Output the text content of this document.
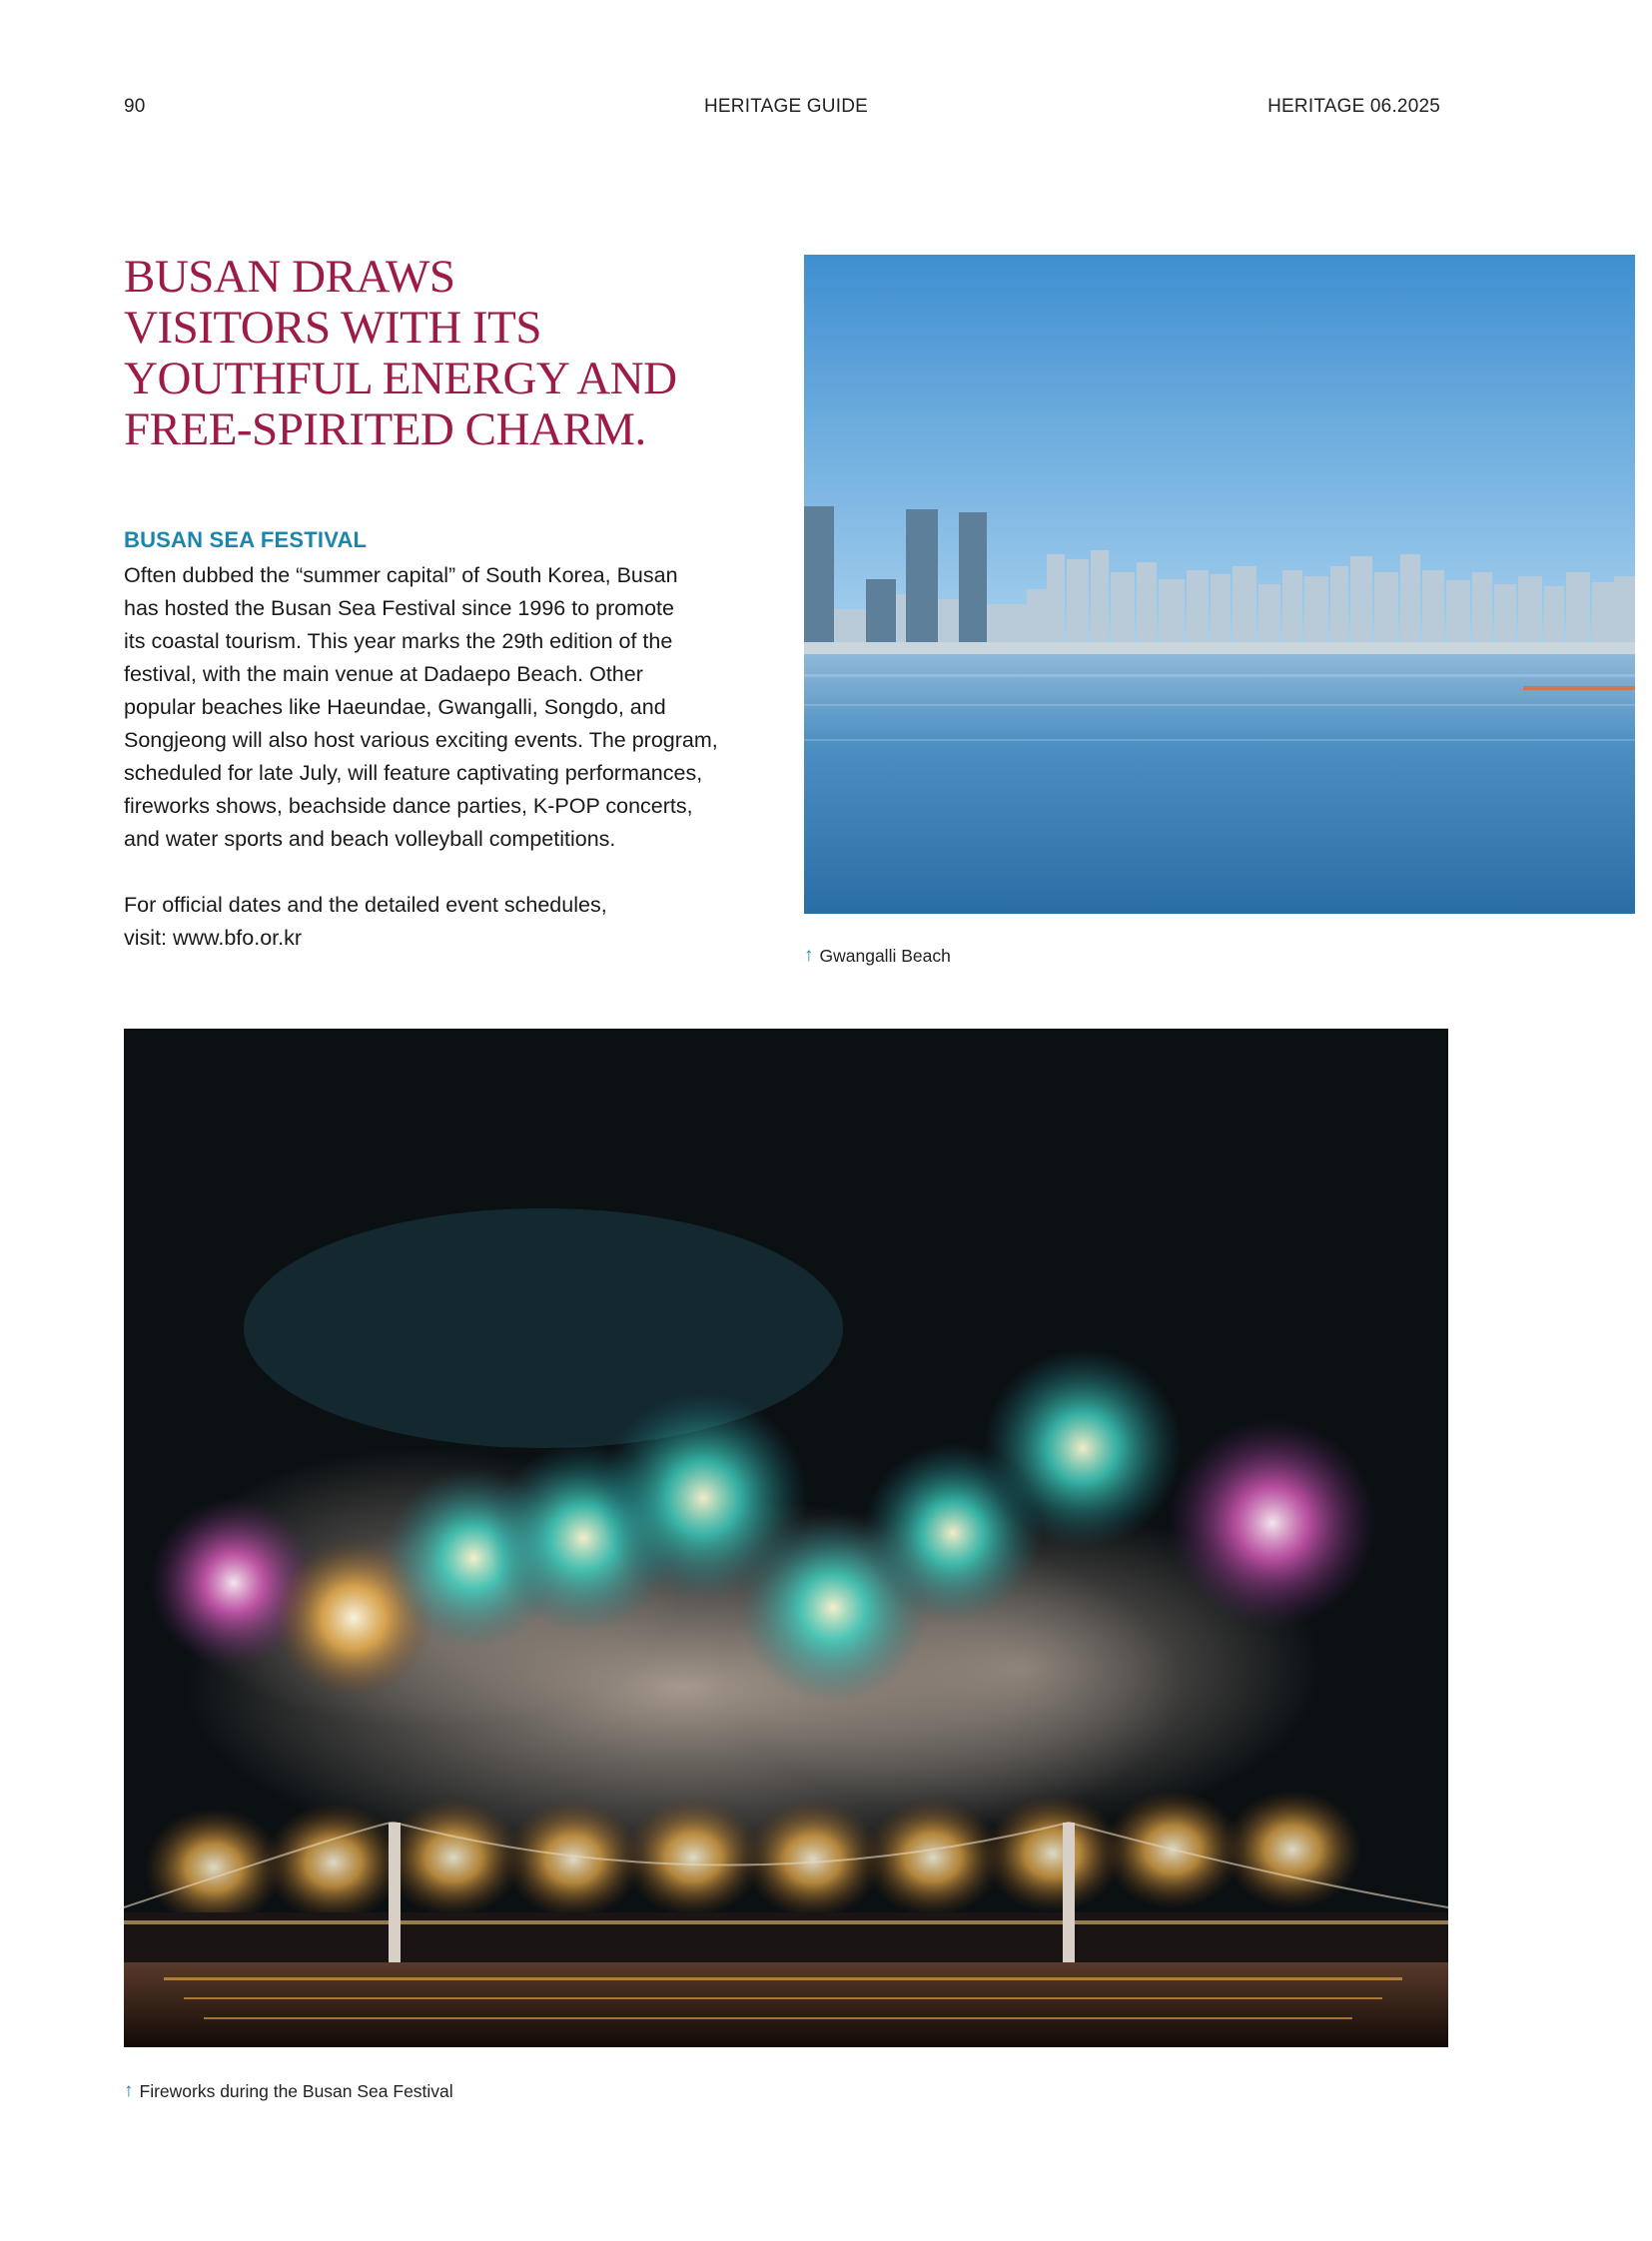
90	HERITAGE GUIDE	HERITAGE 06.2025
BUSAN DRAWS
VISITORS WITH ITS
YOUTHFUL ENERGY AND
FREE-SPIRITED CHARM.
BUSAN SEA FESTIVAL
Often dubbed the “summer capital” of South Korea, Busan
has hosted the Busan Sea Festival since 1996 to promote
its coastal tourism. This year marks the 29th edition of the
festival, with the main venue at Dadaepo Beach. Other
popular beaches like Haeundae, Gwangalli, Songdo, and
Songjeong will also host various exciting events. The program,
scheduled for late July, will feature captivating performances,
fireworks shows, beachside dance parties, K-POP concerts,
and water sports and beach volleyball competitions.
For official dates and the detailed event schedules,
visit: www.bfo.or.kr
↑ Gwangalli Beach
↑ Fireworks during the Busan Sea Festival
